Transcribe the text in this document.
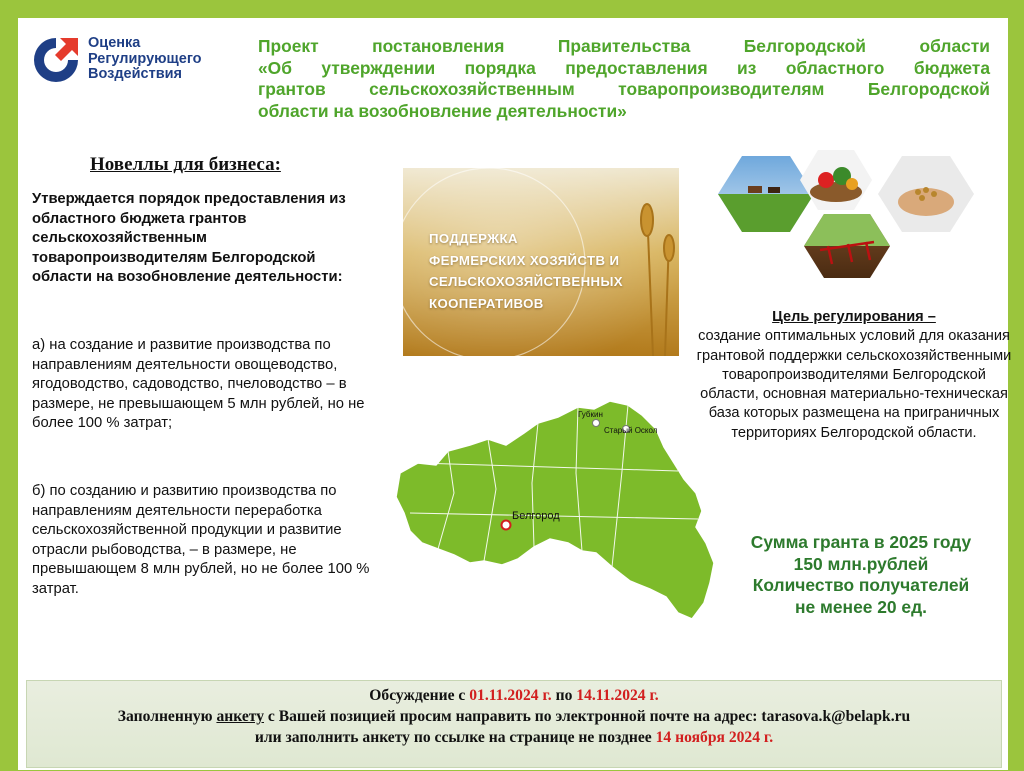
Оценка
Регулирующего
Воздействия
Проект постановления Правительства Белгородской области
«Об утверждении порядка предоставления из областного бюджета
грантов сельскохозяйственным товаропроизводителям Белгородской
области на возобновление деятельности»
Новеллы для бизнеса:
Утверждается порядок предоставления из областного бюджета грантов сельскохозяйственным товаропроизводителям Белгородской области на возобновление деятельности:
а) на создание и развитие производства по направлениям деятельности овощеводство, ягодоводство, садоводство, пчеловодство – в размере, не превышающем 5 млн рублей, но не более 100 % затрат;
б) по созданию и развитию производства по направлениям деятельности переработка сельскохозяйственной продукции и развитие отрасли рыбоводства, – в размере, не превышающем 8 млн рублей, но не более 100 % затрат.
ПОДДЕРЖКА
ФЕРМЕРСКИХ ХОЗЯЙСТВ И
СЕЛЬСКОХОЗЯЙСТВЕННЫХ
КООПЕРАТИВОВ
Цель регулирования –
создание оптимальных условий для оказания грантовой поддержки сельскохозяйственными товаропроизводителями Белгородской области, основная материально-техническая база которых размещена на приграничных территориях Белгородской области.
Сумма гранта в 2025 году
150 млн.рублей
Количество получателей
не менее 20 ед.
Белгород
Губкин
Старый Оскол
Обсуждение с 01.11.2024 г. по 14.11.2024 г.
Заполненную анкету с Вашей позицией просим направить по электронной почте на адрес: tarasova.k@belapk.ru
или заполнить анкету по ссылке на странице не позднее 14 ноября 2024 г.
